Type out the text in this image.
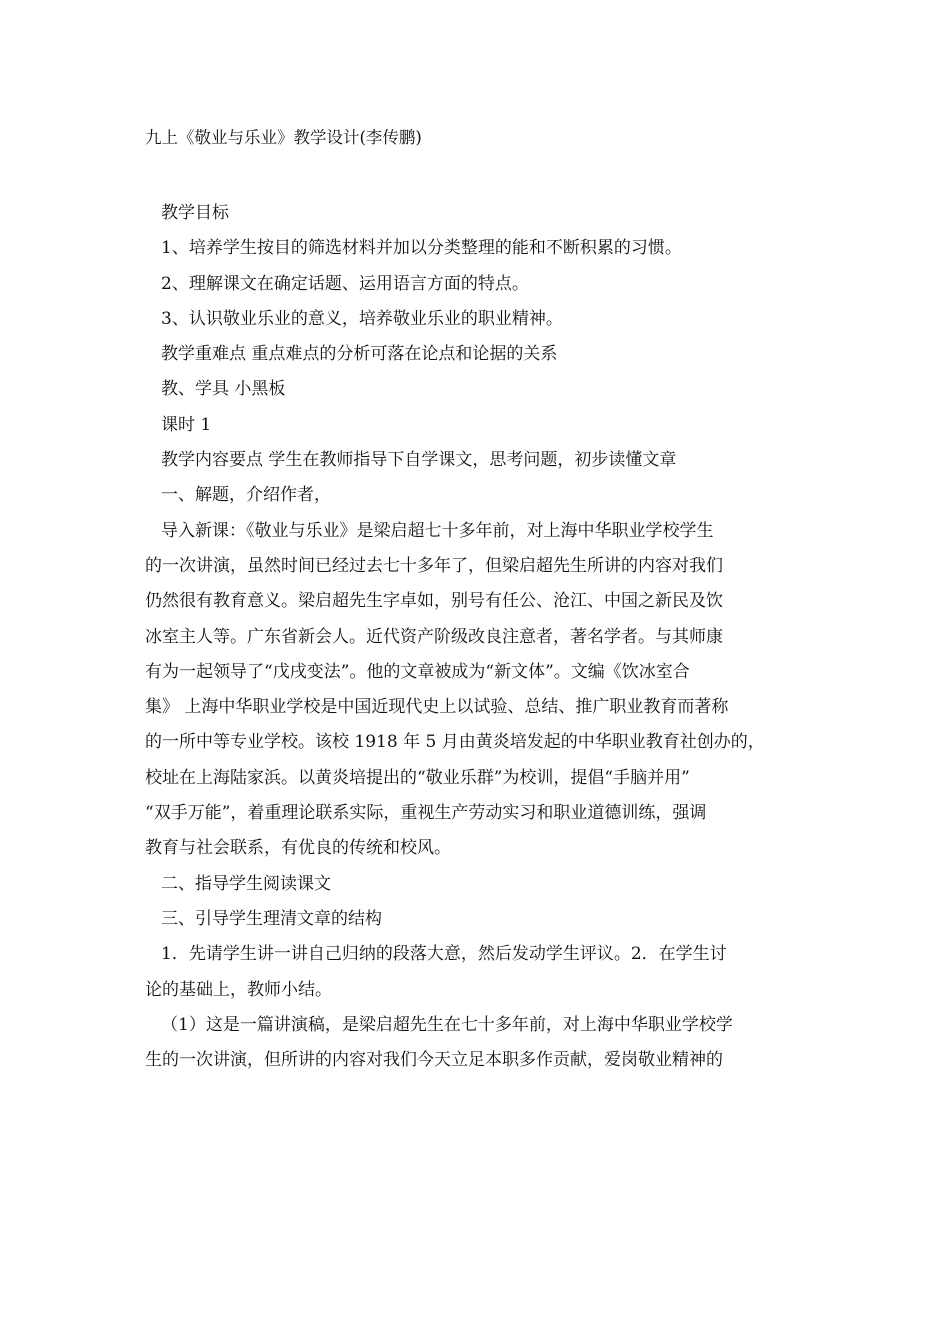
九上《敬业与乐业》教学设计(李传鹏)

教学目标

1、培养学生按目的筛选材料并加以分类整理的能和不断积累的习惯。

2、理解课文在确定话题、运用语言方面的特点。

3、认识敬业乐业的意义，培养敬业乐业的职业精神。

教学重难点 重点难点的分析可落在论点和论据的关系

教、学具 小黑板

课时 1

教学内容要点 学生在教师指导下自学课文，思考问题，初步读懂文章

一、解题，介绍作者，

导入新课：《敬业与乐业》是梁启超七十多年前，对上海中华职业学校学生

的一次讲演，虽然时间已经过去七十多年了，但梁启超先生所讲的内容对我们

仍然很有教育意义。梁启超先生字卓如，别号有任公、沧江、中国之新民及饮

冰室主人等。广东省新会人。近代资产阶级改良注意者，著名学者。与其师康

有为一起领导了“戊戌变法”。他的文章被成为“新文体”。文编《饮冰室合

集》 上海中华职业学校是中国近现代史上以试验、总结、推广职业教育而著称

的一所中等专业学校。该校 1918 年 5 月由黄炎培发起的中华职业教育社创办的，

校址在上海陆家浜。以黄炎培提出的“敬业乐群”为校训，提倡“手脑并用”

“双手万能”，着重理论联系实际，重视生产劳动实习和职业道德训练，强调

教育与社会联系，有优良的传统和校风。

二、指导学生阅读课文

三、引导学生理清文章的结构

1．先请学生讲一讲自己归纳的段落大意，然后发动学生评议。2．在学生讨

论的基础上，教师小结。

（1）这是一篇讲演稿，是梁启超先生在七十多年前，对上海中华职业学校学

生的一次讲演，但所讲的内容对我们今天立足本职多作贡献，爱岗敬业精神的
